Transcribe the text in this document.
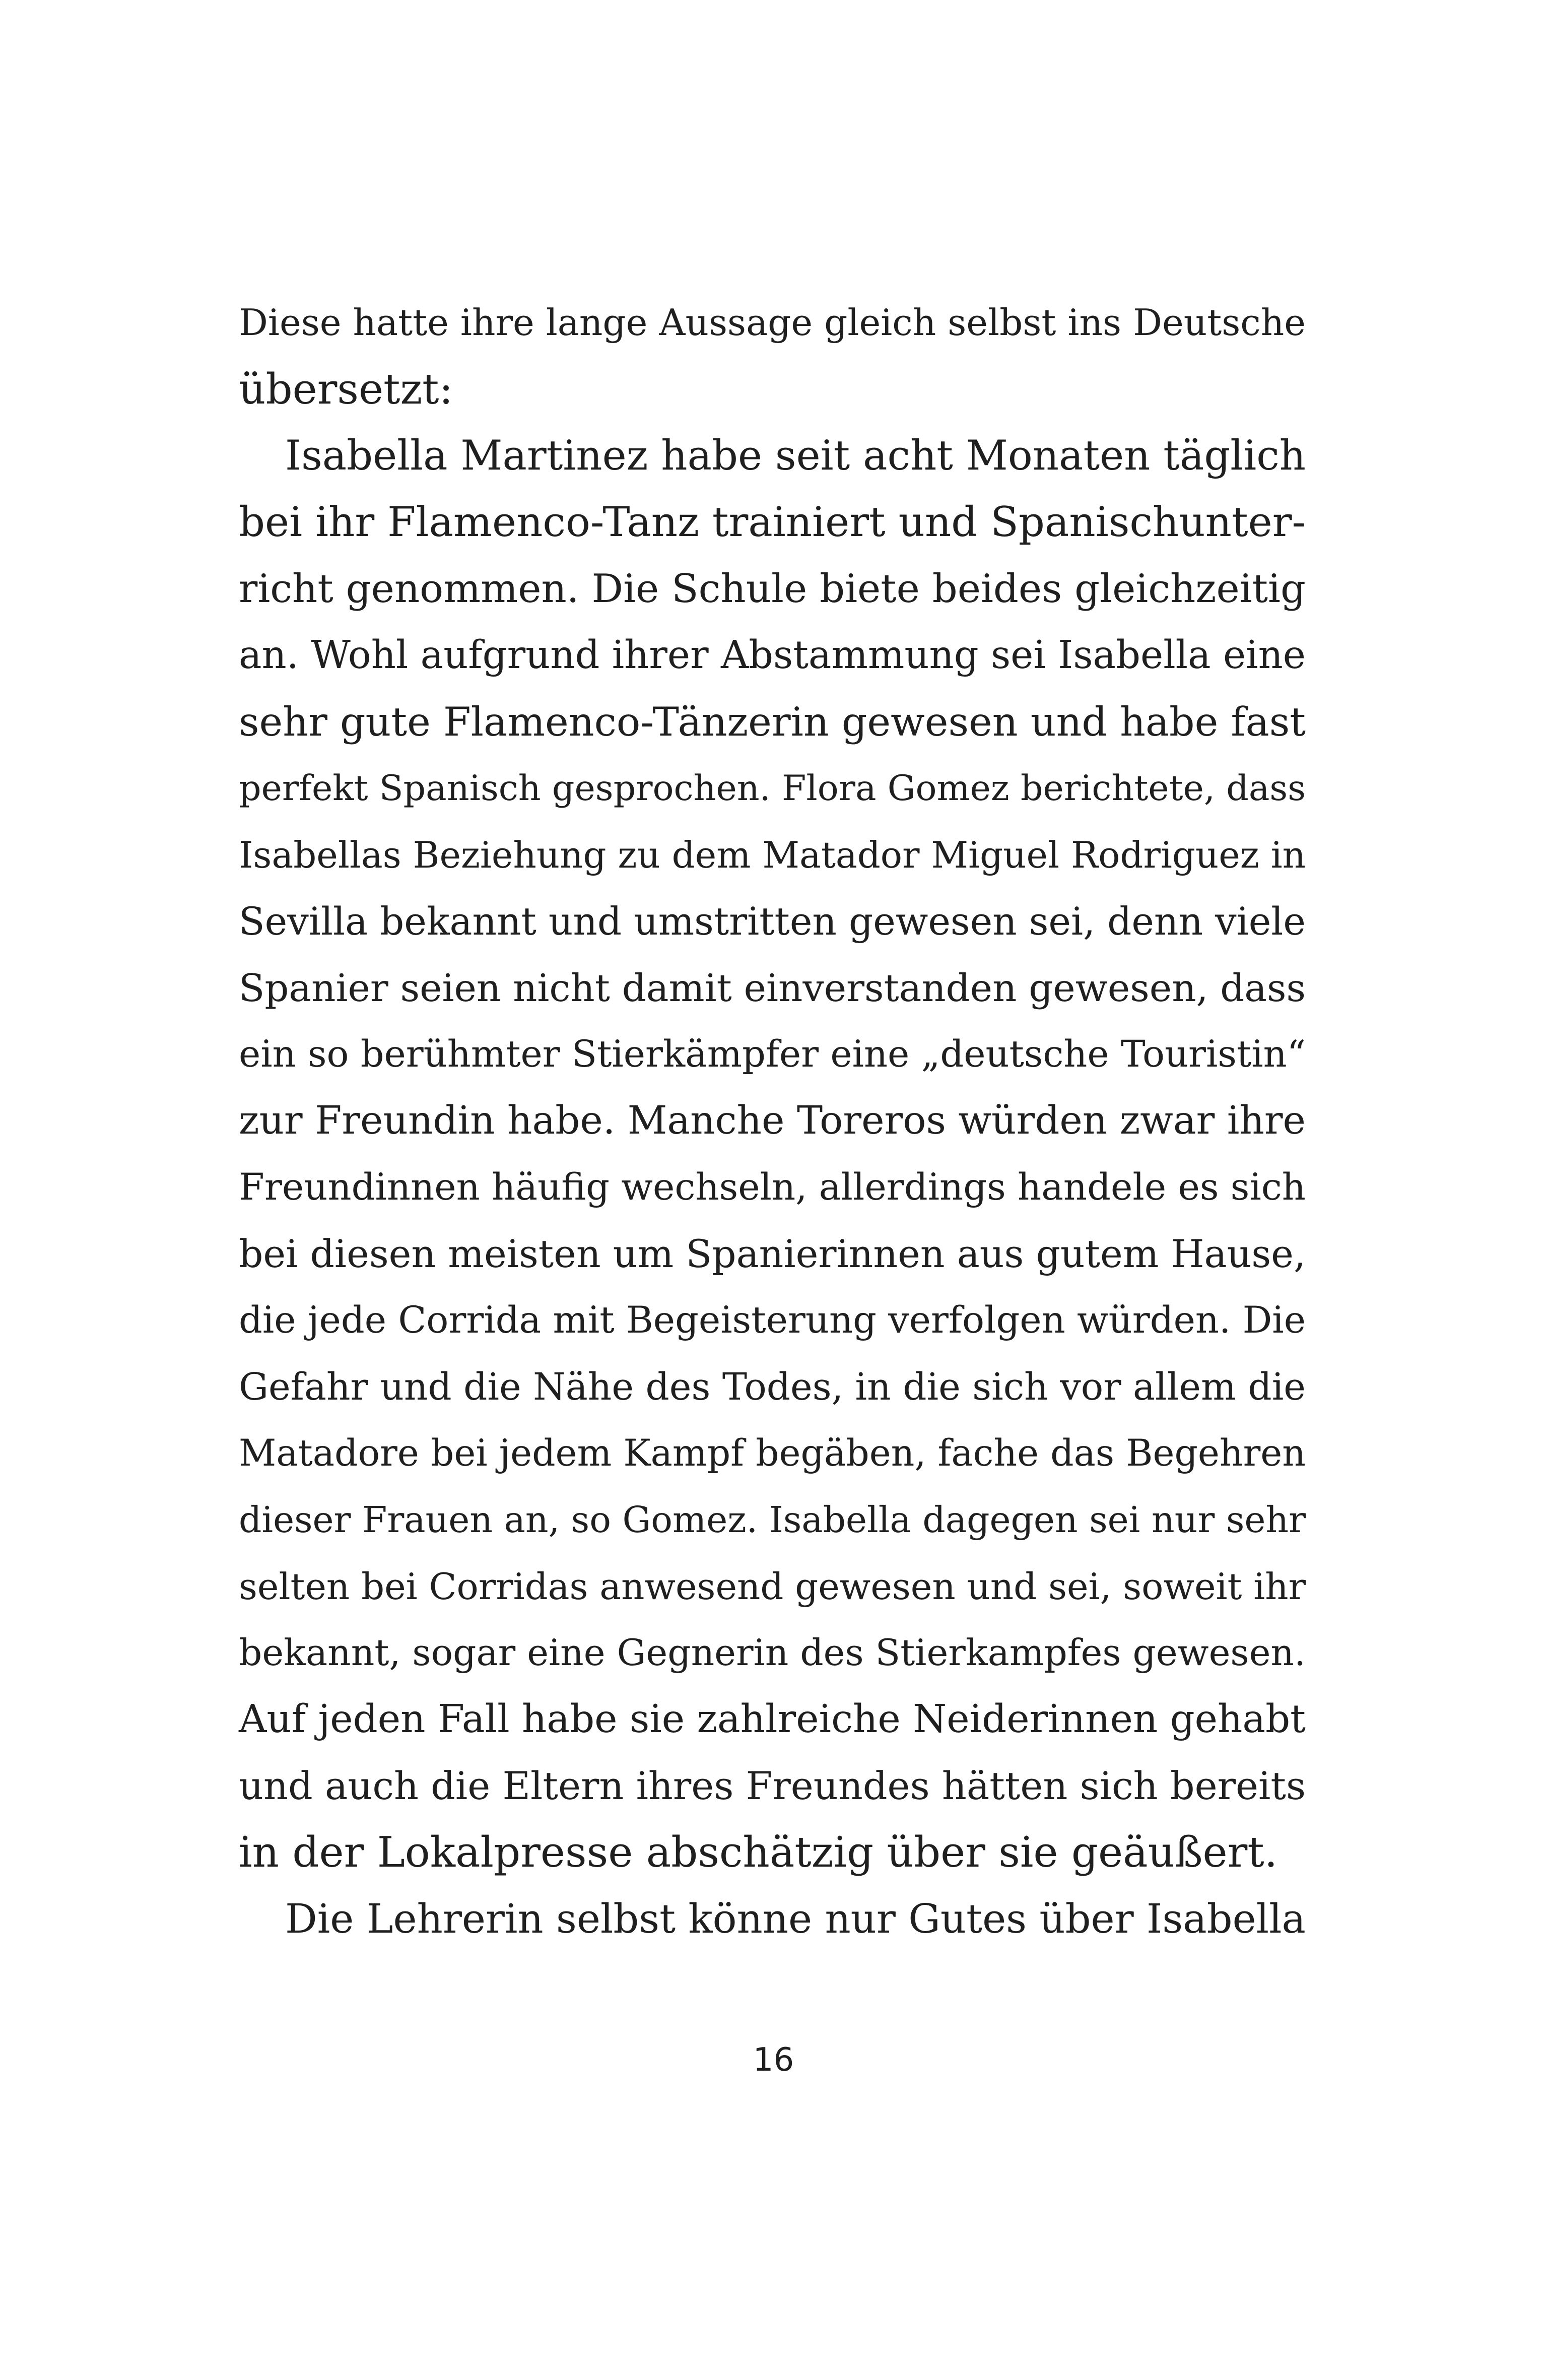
Diese hatte ihre lange Aussage gleich selbst ins Deutsche
übersetzt:
Isabella Martinez habe seit acht Monaten täglich
bei ihr Flamenco-Tanz trainiert und Spanischunter-
richt genommen. Die Schule biete beides gleichzeitig
an. Wohl aufgrund ihrer Abstammung sei Isabella eine
sehr gute Flamenco-Tänzerin gewesen und habe fast
perfekt Spanisch gesprochen. Flora Gomez berichtete, dass
Isabellas Beziehung zu dem Matador Miguel Rodriguez in
Sevilla bekannt und umstritten gewesen sei, denn viele
Spanier seien nicht damit einverstanden gewesen, dass
ein so berühmter Stierkämpfer eine „deutsche Touristin“
zur Freundin habe. Manche Toreros würden zwar ihre
Freundinnen häufig wechseln, allerdings handele es sich
bei diesen meisten um Spanierinnen aus gutem Hause,
die jede Corrida mit Begeisterung verfolgen würden. Die
Gefahr und die Nähe des Todes, in die sich vor allem die
Matadore bei jedem Kampf begäben, fache das Begehren
dieser Frauen an, so Gomez. Isabella dagegen sei nur sehr
selten bei Corridas anwesend gewesen und sei, soweit ihr
bekannt, sogar eine Gegnerin des Stierkampfes gewesen.
Auf jeden Fall habe sie zahlreiche Neiderinnen gehabt
und auch die Eltern ihres Freundes hätten sich bereits
in der Lokalpresse abschätzig über sie geäußert.
Die Lehrerin selbst könne nur Gutes über Isabella
16
